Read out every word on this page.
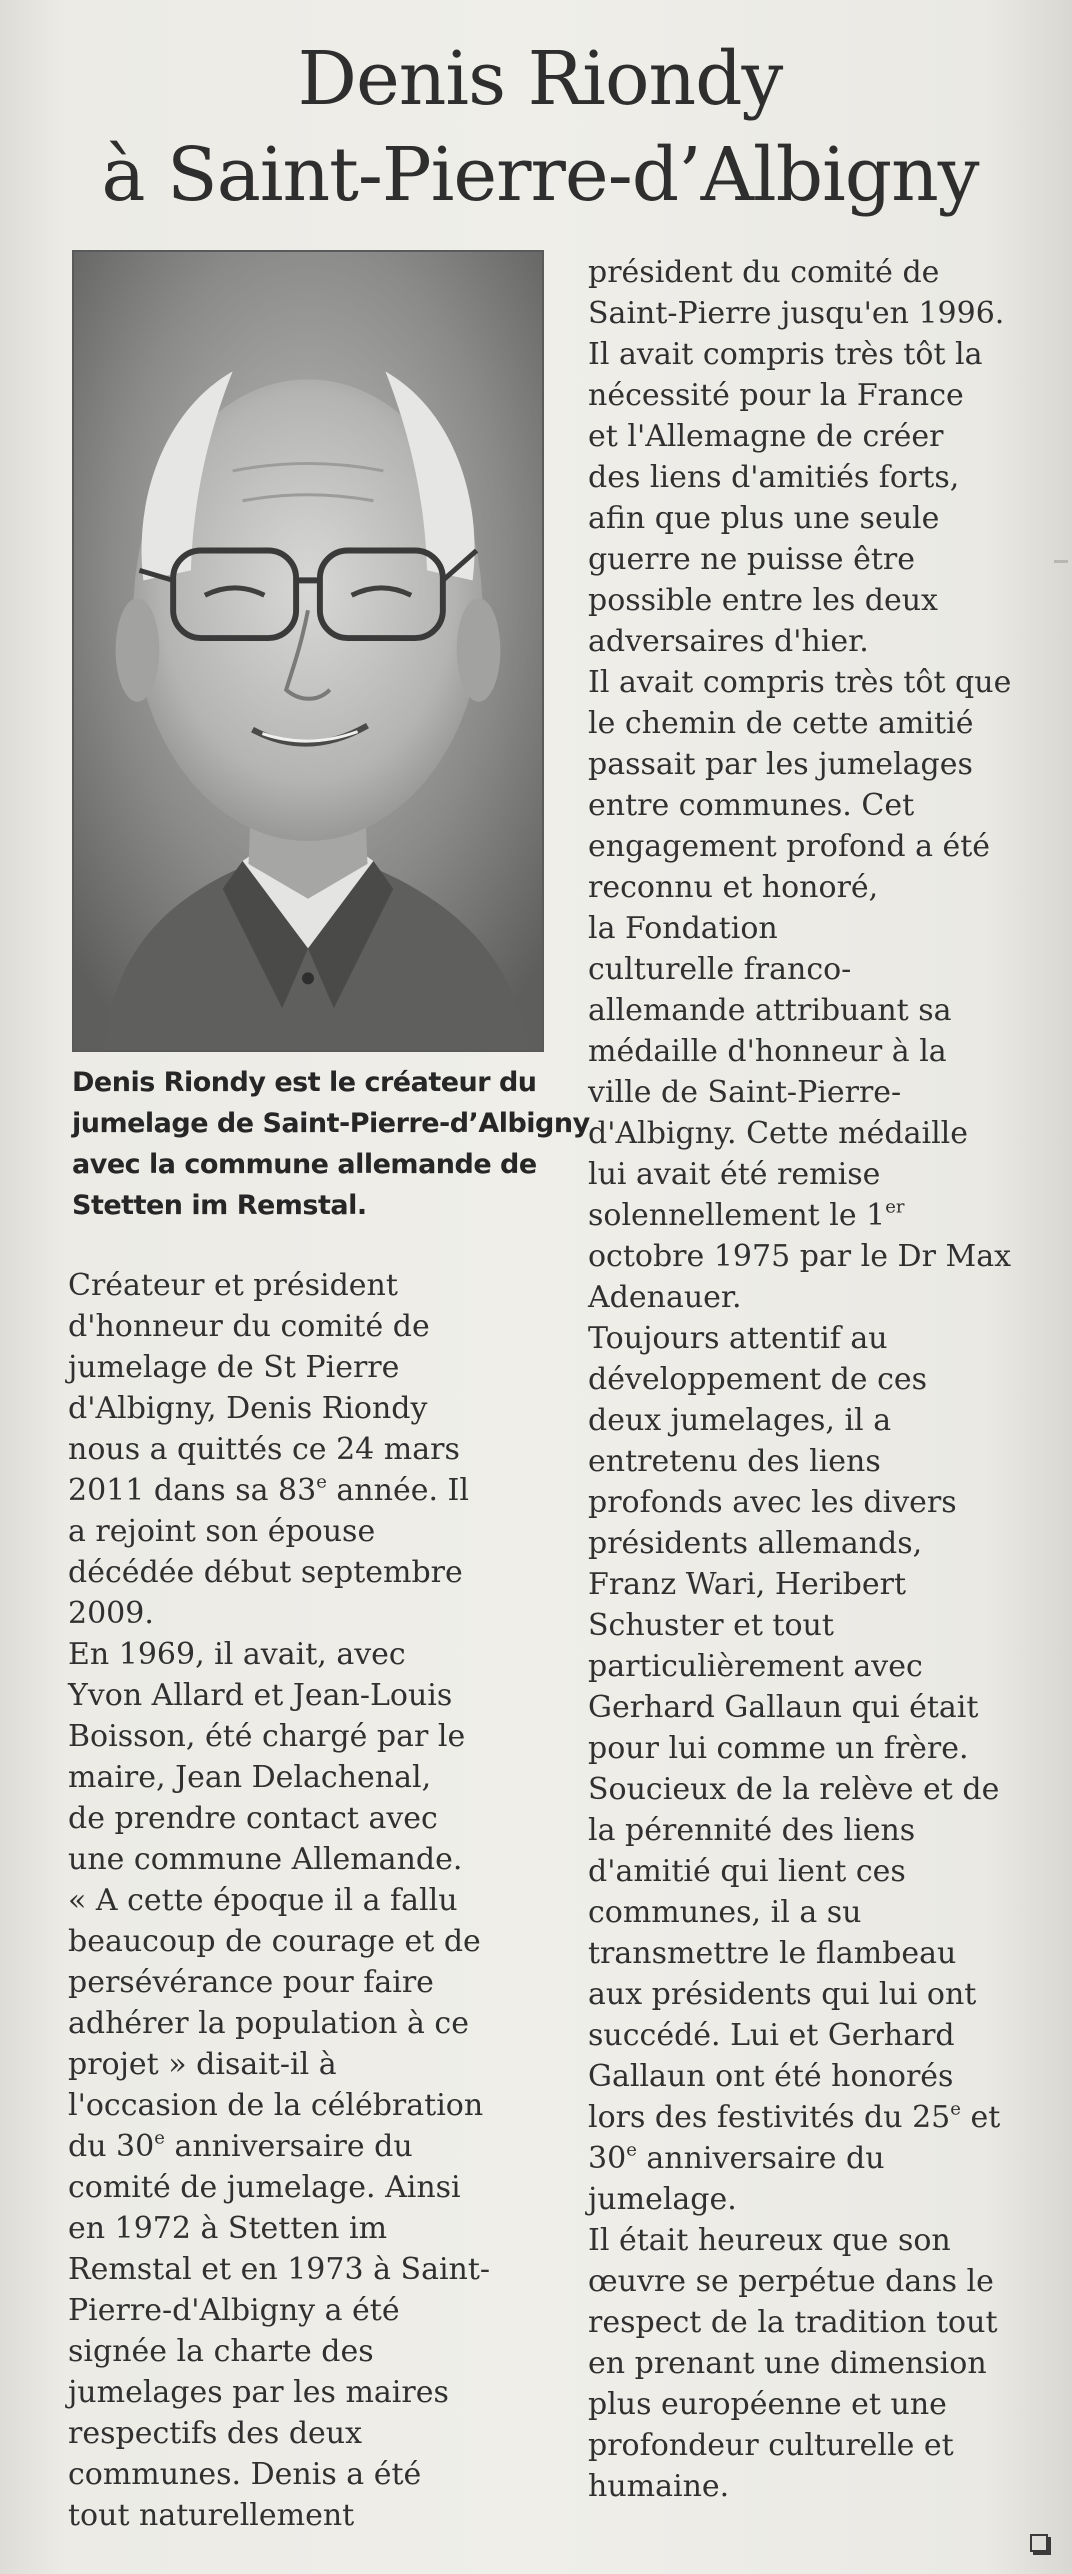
Denis Riondy
à Saint-Pierre-d’Albigny
Denis Riondy est le créateur du
jumelage de Saint-Pierre-d’Albigny
avec la commune allemande de
Stetten im Remstal.
Créateur et président
d'honneur du comité de
jumelage de St Pierre
d'Albigny, Denis Riondy
nous a quittés ce 24 mars
2011 dans sa 83e année. Il
a rejoint son épouse
décédée début septembre
2009.
En 1969, il avait, avec
Yvon Allard et Jean-Louis
Boisson, été chargé par le
maire, Jean Delachenal,
de prendre contact avec
une commune Allemande.
« A cette époque il a fallu
beaucoup de courage et de
persévérance pour faire
adhérer la population à ce
projet » disait-il à
l'occasion de la célébration
du 30e anniversaire du
comité de jumelage. Ainsi
en 1972 à Stetten im
Remstal et en 1973 à Saint-
Pierre-d'Albigny a été
signée la charte des
jumelages par les maires
respectifs des deux
communes. Denis a été
tout naturellement
président du comité de
Saint-Pierre jusqu'en 1996.
Il avait compris très tôt la
nécessité pour la France
et l'Allemagne de créer
des liens d'amitiés forts,
afin que plus une seule
guerre ne puisse être
possible entre les deux
adversaires d'hier.
Il avait compris très tôt que
le chemin de cette amitié
passait par les jumelages
entre communes. Cet
engagement profond a été
reconnu et honoré,
la Fondation
culturelle franco-
allemande attribuant sa
médaille d'honneur à la
ville de Saint-Pierre-
d'Albigny. Cette médaille
lui avait été remise
solennellement le 1er
octobre 1975 par le Dr Max
Adenauer.
Toujours attentif au
développement de ces
deux jumelages, il a
entretenu des liens
profonds avec les divers
présidents allemands,
Franz Wari, Heribert
Schuster et tout
particulièrement avec
Gerhard Gallaun qui était
pour lui comme un frère.
Soucieux de la relève et de
la pérennité des liens
d'amitié qui lient ces
communes, il a su
transmettre le flambeau
aux présidents qui lui ont
succédé. Lui et Gerhard
Gallaun ont été honorés
lors des festivités du 25e et
30e anniversaire du
jumelage.
Il était heureux que son
œuvre se perpétue dans le
respect de la tradition tout
en prenant une dimension
plus européenne et une
profondeur culturelle et
humaine.
